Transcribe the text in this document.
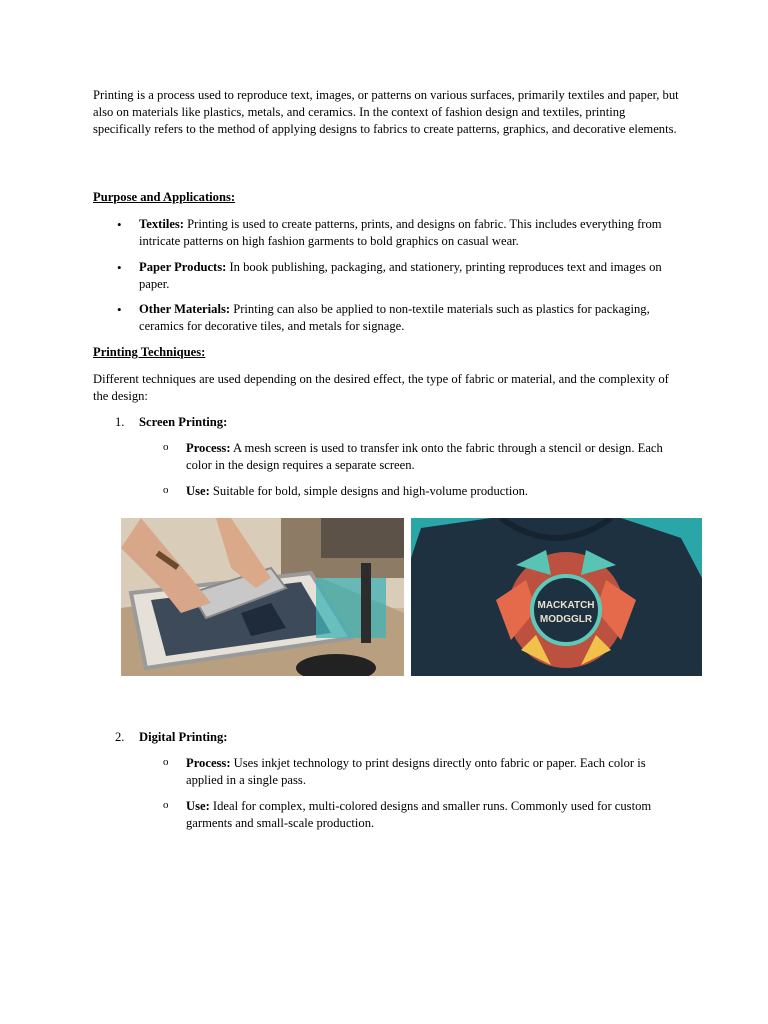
Printing is a process used to reproduce text, images, or patterns on various surfaces, primarily textiles and paper, but also on materials like plastics, metals, and ceramics. In the context of fashion design and textiles, printing specifically refers to the method of applying designs to fabrics to create patterns, graphics, and decorative elements.

Purpose and Applications:

• Textiles: Printing is used to create patterns, prints, and designs on fabric. This includes everything from intricate patterns on high fashion garments to bold graphics on casual wear.
• Paper Products: In book publishing, packaging, and stationery, printing reproduces text and images on paper.
• Other Materials: Printing can also be applied to non-textile materials such as plastics for packaging, ceramics for decorative tiles, and metals for signage.

Printing Techniques:

Different techniques are used depending on the desired effect, the type of fabric or material, and the complexity of the design:

1. Screen Printing:
o Process: A mesh screen is used to transfer ink onto the fabric through a stencil or design. Each color in the design requires a separate screen.
o Use: Suitable for bold, simple designs and high-volume production.
MACKATCH
MODGGLR
2. Digital Printing:
o Process: Uses inkjet technology to print designs directly onto fabric or paper. Each color is applied in a single pass.
o Use: Ideal for complex, multi-colored designs and smaller runs. Commonly used for custom garments and small-scale production.
